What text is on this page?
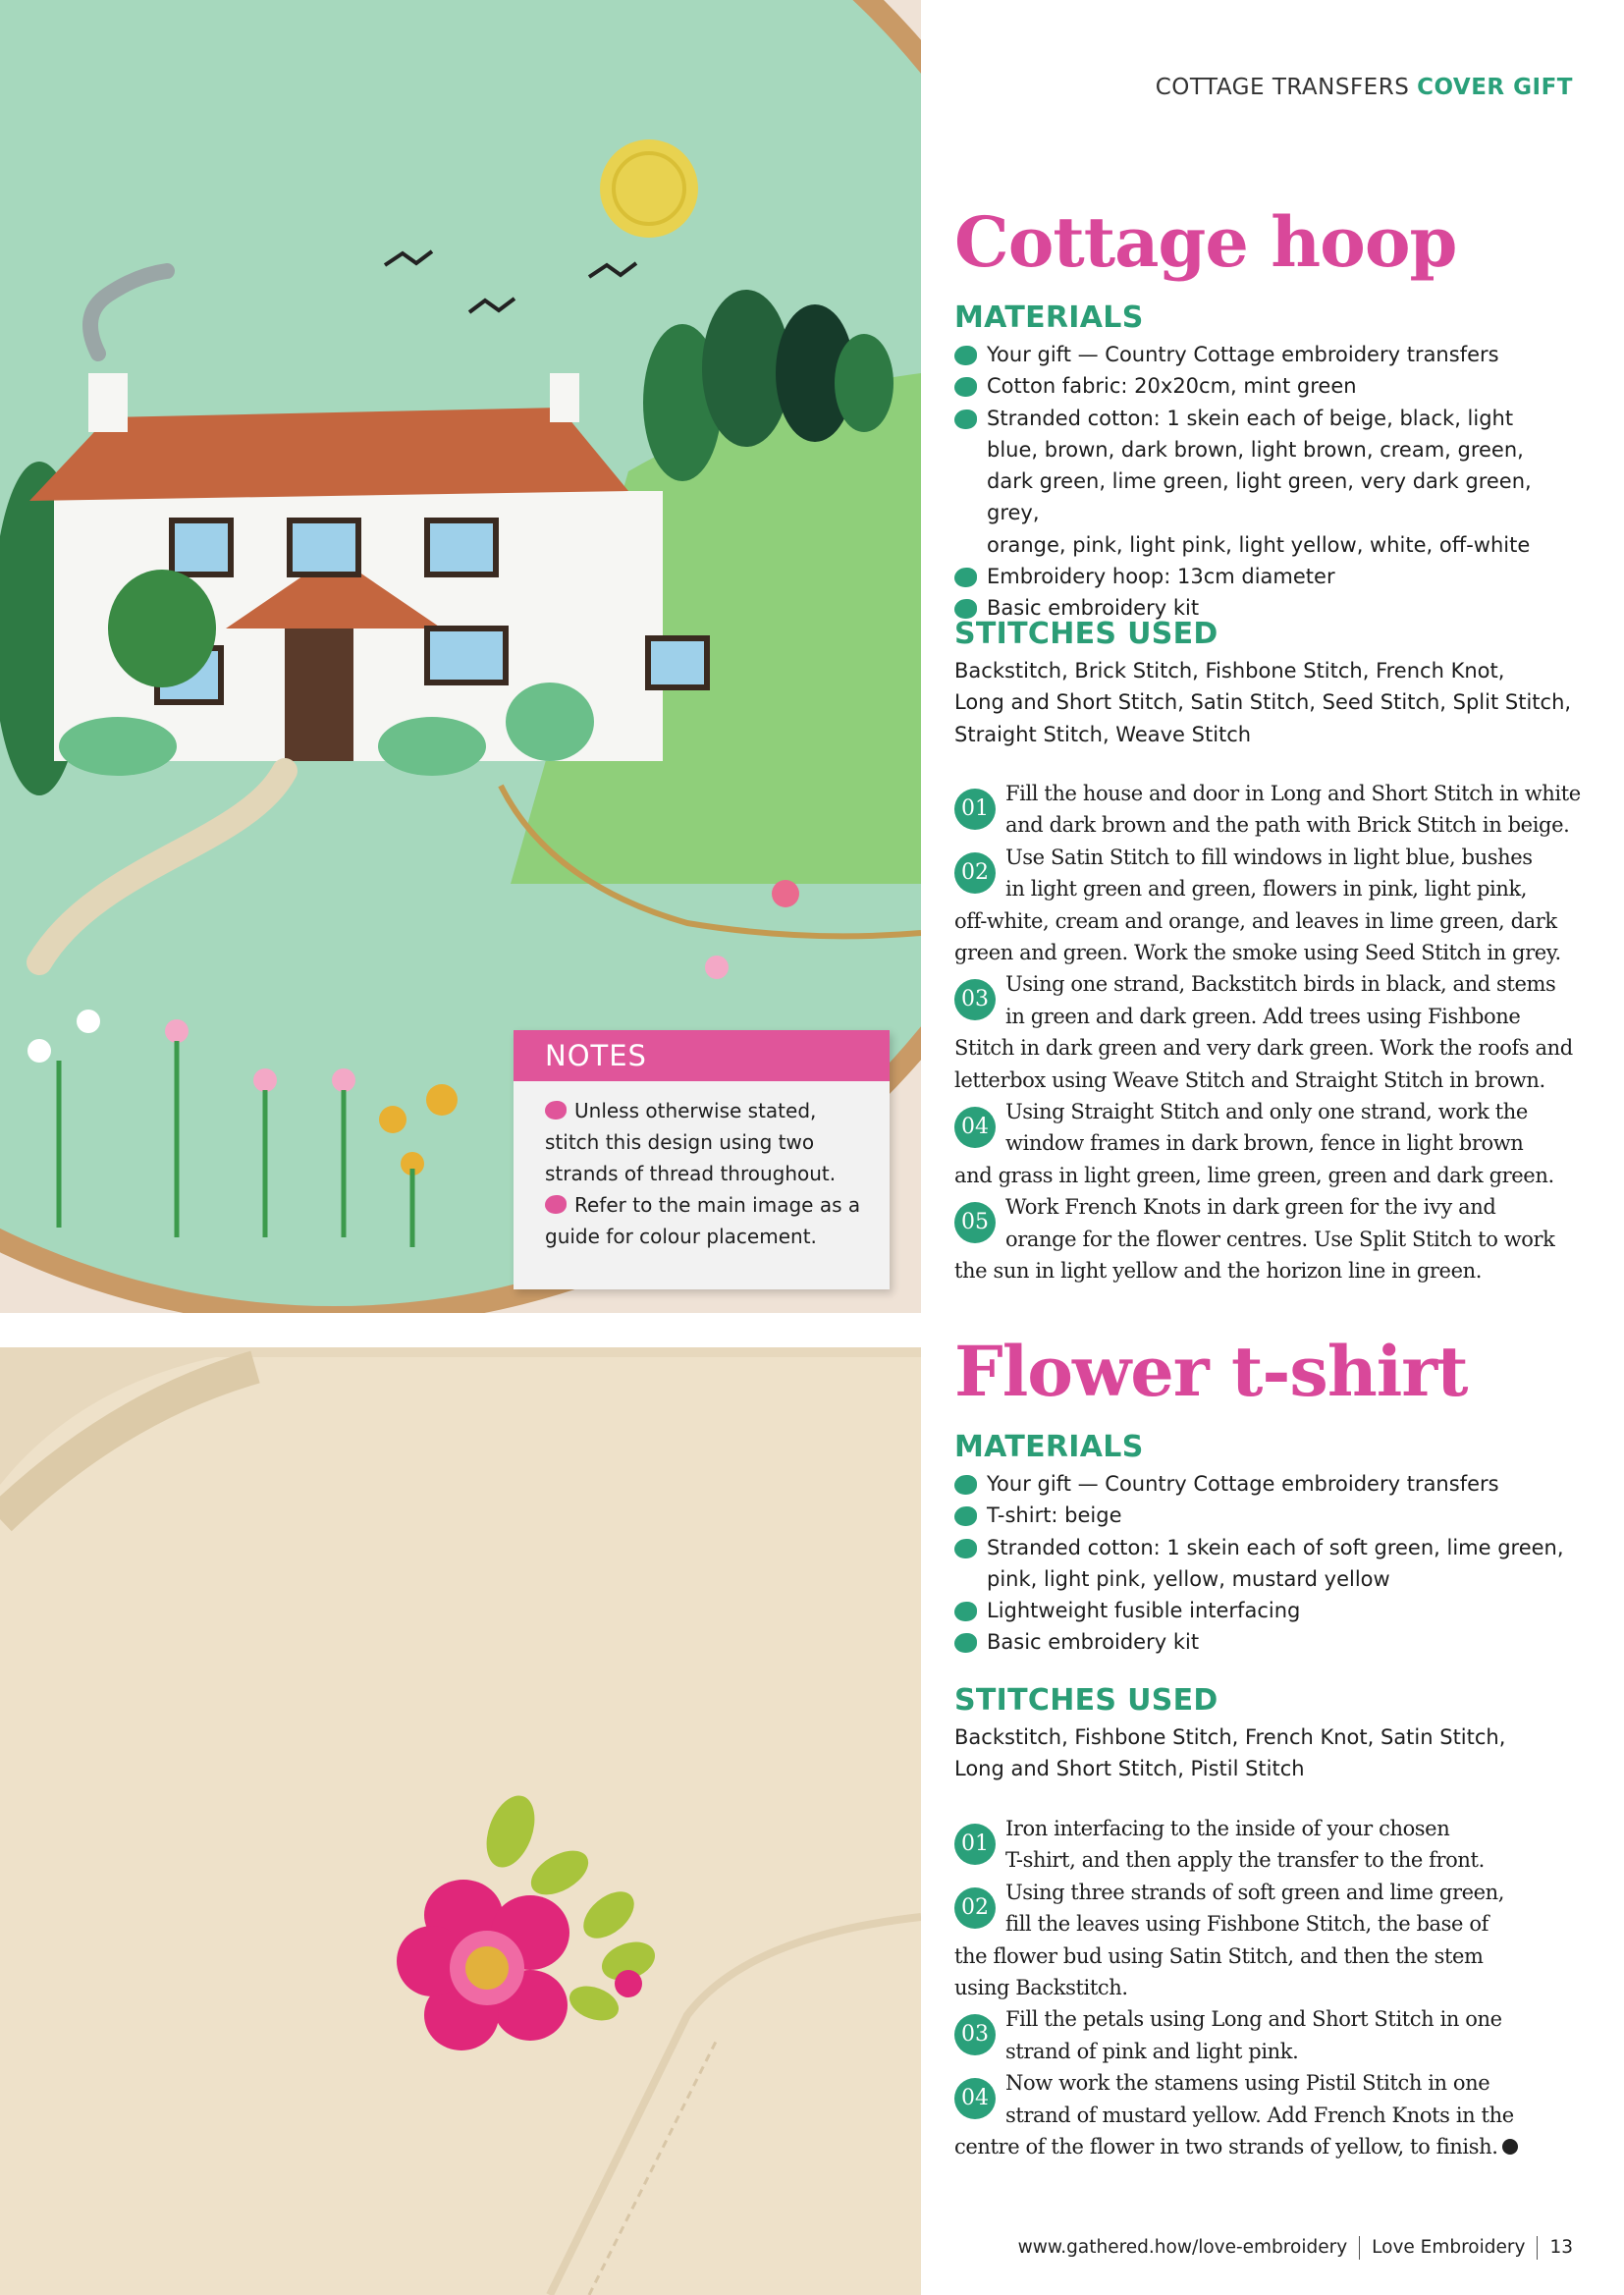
NOTES

Unless otherwise stated, stitch this design using two strands of thread throughout.

Refer to the main image as a guide for colour placement.

COTTAGE TRANSFERS COVER GIFT
Cottage hoop
MATERIALS
Your gift — Country Cottage embroidery transfers
Cotton fabric: 20x20cm, mint green
Stranded cotton: 1 skein each of beige, black, light
blue, brown, dark brown, light brown, cream, green,
dark green, lime green, light green, very dark green, grey,
orange, pink, light pink, light yellow, white, off-white
Embroidery hoop: 13cm diameter
Basic embroidery kit
STITCHES USED
Backstitch, Brick Stitch, Fishbone Stitch, French Knot,
Long and Short Stitch, Satin Stitch, Seed Stitch, Split Stitch,
Straight Stitch, Weave Stitch
01
Fill the house and door in Long and Short Stitch in white
and dark brown and the path with Brick Stitch in beige.
02
Use Satin Stitch to fill windows in light blue, bushes
in light green and green, flowers in pink, light pink,
off-white, cream and orange, and leaves in lime green, dark
green and green. Work the smoke using Seed Stitch in grey.
03
Using one strand, Backstitch birds in black, and stems
in green and dark green. Add trees using Fishbone
Stitch in dark green and very dark green. Work the roofs and
letterbox using Weave Stitch and Straight Stitch in brown.
04
Using Straight Stitch and only one strand, work the
window frames in dark brown, fence in light brown
and grass in light green, lime green, green and dark green.
05
Work French Knots in dark green for the ivy and
orange for the flower centres. Use Split Stitch to work
the sun in light yellow and the horizon line in green.
Flower t-shirt
MATERIALS
Your gift — Country Cottage embroidery transfers
T-shirt: beige
Stranded cotton: 1 skein each of soft green, lime green,
pink, light pink, yellow, mustard yellow
Lightweight fusible interfacing
Basic embroidery kit
STITCHES USED
Backstitch, Fishbone Stitch, French Knot, Satin Stitch,
Long and Short Stitch, Pistil Stitch
01
Iron interfacing to the inside of your chosen
T-shirt, and then apply the transfer to the front.
02
Using three strands of soft green and lime green,
fill the leaves using Fishbone Stitch, the base of
the flower bud using Satin Stitch, and then the stem
using Backstitch.
03
Fill the petals using Long and Short Stitch in one
strand of pink and light pink.
04
Now work the stamens using Pistil Stitch in one
strand of mustard yellow. Add French Knots in the
centre of the flower in two strands of yellow, to finish.
www.gathered.how/love-embroidery Love Embroidery 13
